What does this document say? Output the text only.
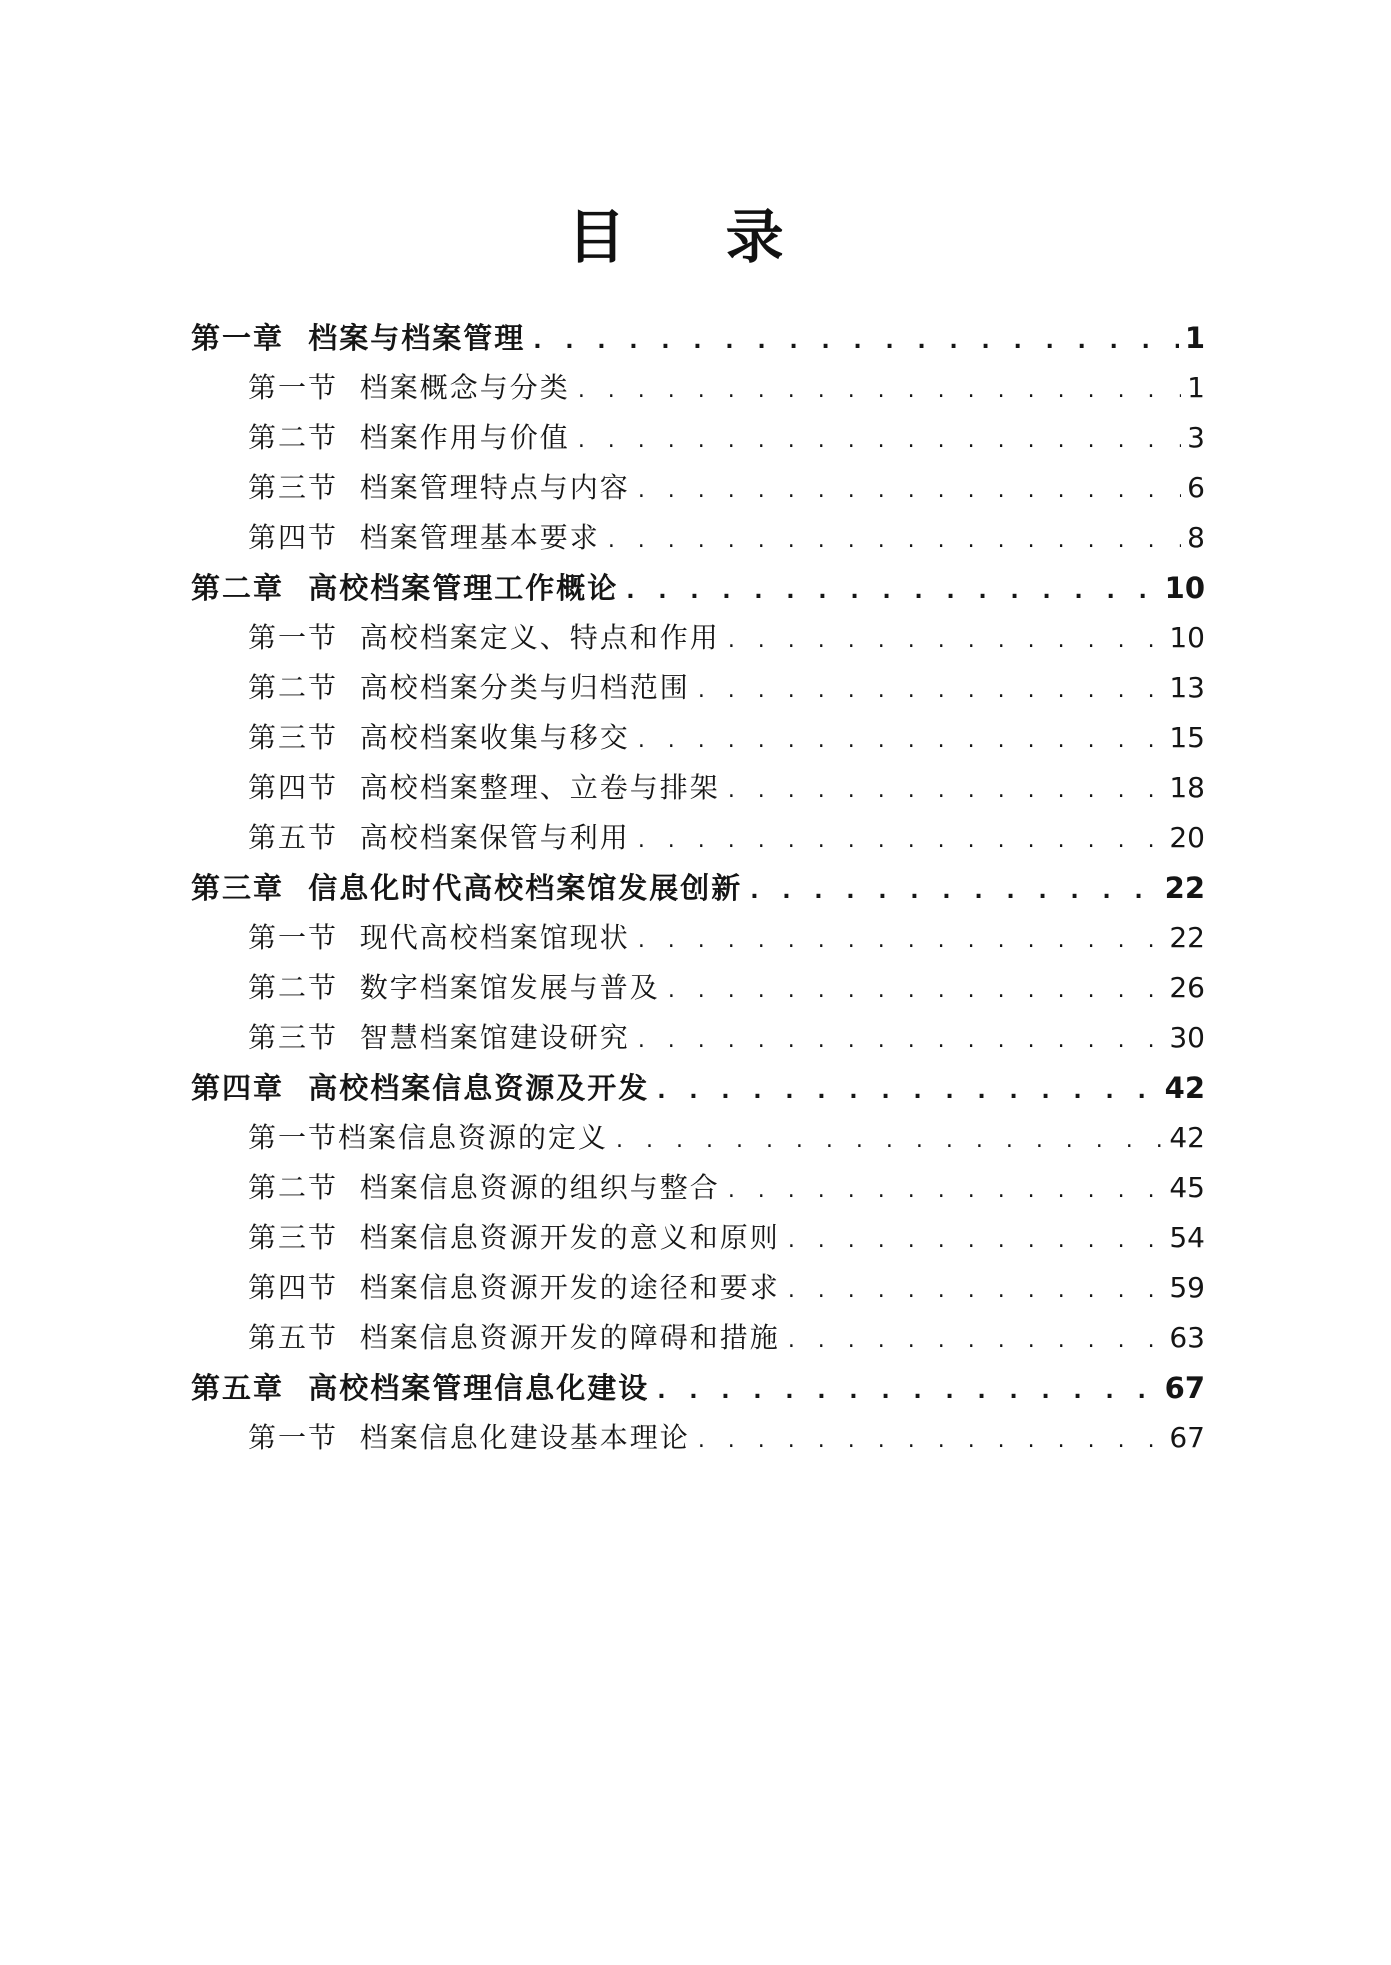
目 录
第一章  档案与档案管理 . . .	1
第一节  档案概念与分类 . . .	1
第二节  档案作用与价值 . . .	3
第三节  档案管理特点与内容 . . .	6
第四节  档案管理基本要求 . . .	8
第二章  高校档案管理工作概论 . . .	10
第一节  高校档案定义、特点和作用 . . .	10
第二节  高校档案分类与归档范围 . . .	13
第三节  高校档案收集与移交 . . .	15
第四节  高校档案整理、立卷与排架 . . .	18
第五节  高校档案保管与利用 . . .	20
第三章  信息化时代高校档案馆发展创新 . . .	22
第一节  现代高校档案馆现状 . . .	22
第二节  数字档案馆发展与普及 . . .	26
第三节  智慧档案馆建设研究 . . .	30
第四章  高校档案信息资源及开发 . . .	42
第一节档案信息资源的定义 . . .	42
第二节  档案信息资源的组织与整合 . . .	45
第三节  档案信息资源开发的意义和原则 . . .	54
第四节  档案信息资源开发的途径和要求 . . .	59
第五节  档案信息资源开发的障碍和措施 . . .	63
第五章  高校档案管理信息化建设 . . .	67
第一节  档案信息化建设基本理论 . . .	67
